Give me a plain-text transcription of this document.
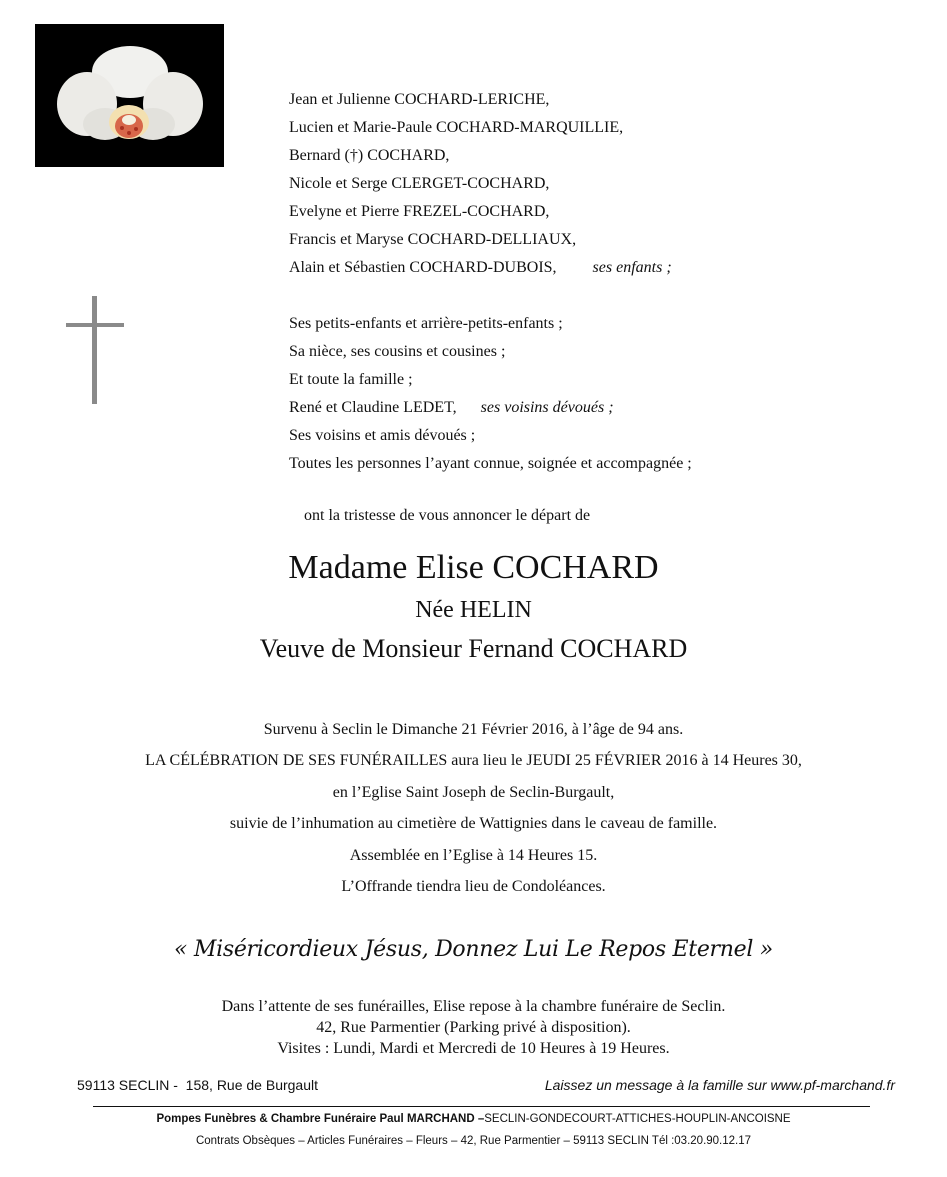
Jean et Julienne COCHARD-LERICHE,
Lucien et Marie-Paule COCHARD-MARQUILLIE,
Bernard (†) COCHARD,
Nicole et Serge CLERGET-COCHARD,
Evelyne et Pierre FREZEL-COCHARD,
Francis et Maryse COCHARD-DELLIAUX,
Alain et Sébastien COCHARD-DUBOIS, ses enfants ;
Ses petits-enfants et arrière-petits-enfants ;
Sa nièce, ses cousins et cousines ;
Et toute la famille ;
René et Claudine LEDET, ses voisins dévoués ;
Ses voisins et amis dévoués ;
Toutes les personnes l’ayant connue, soignée et accompagnée ;
ont la tristesse de vous annoncer le départ de
Madame Elise COCHARD
Née HELIN
Veuve de Monsieur Fernand COCHARD
Survenu à Seclin le Dimanche 21 Février 2016, à l’âge de 94 ans.
LA CÉLÉBRATION DE SES FUNÉRAILLES aura lieu le JEUDI 25 FÉVRIER 2016 à 14 Heures 30,
en l’Eglise Saint Joseph de Seclin-Burgault,
suivie de l’inhumation au cimetière de Wattignies dans le caveau de famille.
Assemblée en l’Eglise à 14 Heures 15.
L’Offrande tiendra lieu de Condoléances.
« Miséricordieux Jésus, Donnez Lui Le Repos Eternel »
Dans l’attente de ses funérailles, Elise repose à la chambre funéraire de Seclin.
42, Rue Parmentier (Parking privé à disposition).
Visites : Lundi, Mardi et Mercredi de 10 Heures à 19 Heures.
59113 SECLIN -  158, Rue de Burgault	Laissez un message à la famille sur www.pf-marchand.fr
Pompes Funèbres & Chambre Funéraire Paul MARCHAND –SECLIN-GONDECOURT-ATTICHES-HOUPLIN-ANCOISNE
Contrats Obsèques – Articles Funéraires – Fleurs – 42, Rue Parmentier – 59113 SECLIN Tél :03.20.90.12.17
